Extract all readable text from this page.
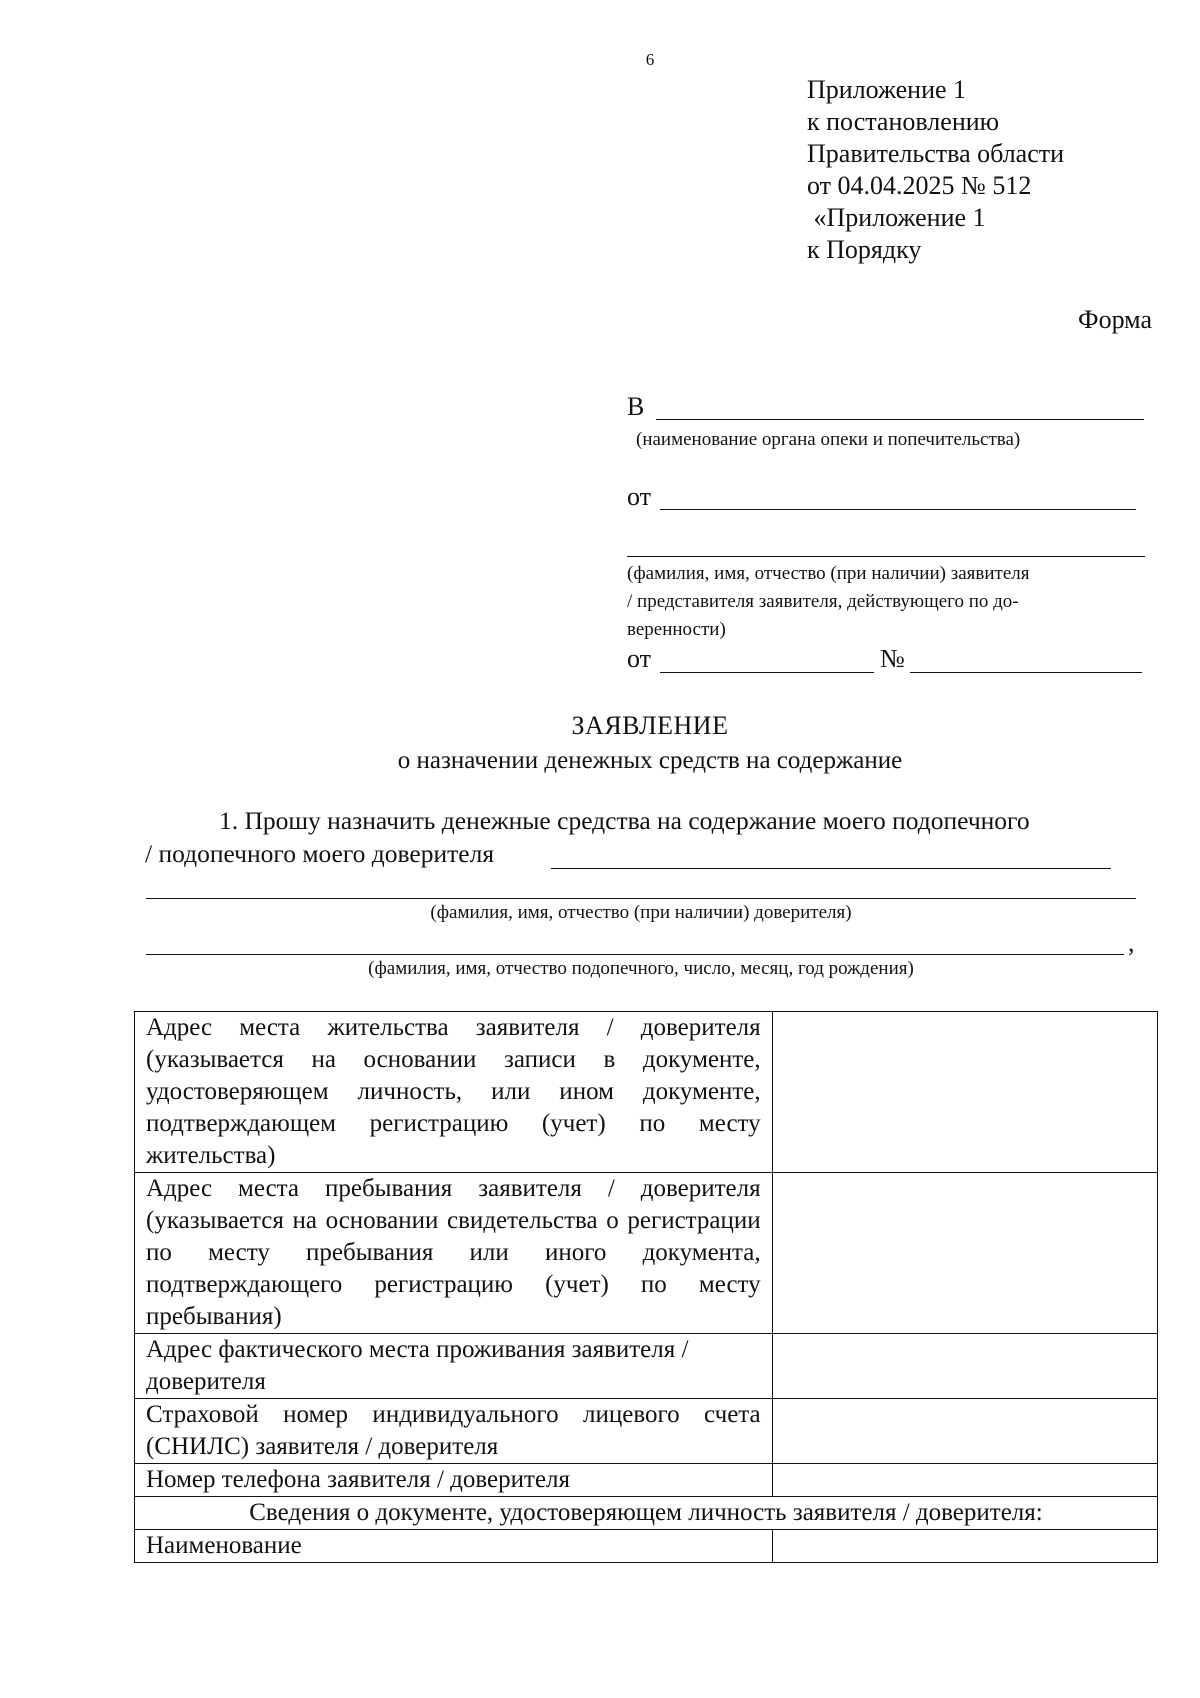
6
Приложение 1
к постановлению
Правительства области
от 04.04.2025 № 512
«Приложение 1
к Порядку
Форма
В
(наименование органа опеки и попечительства)
от
(фамилия, имя, отчество (при наличии) заявителя
/ представителя заявителя, действующего по до-
веренности)
от	№
ЗАЯВЛЕНИЕ
о назначении денежных средств на содержание
1. Прошу назначить денежные средства на содержание моего подопечного
/ подопечного моего доверителя
(фамилия, имя, отчество (при наличии) доверителя)
,
(фамилия, имя, отчество подопечного, число, месяц, год рождения)
Адрес места жительства заявителя / доверителя (указывается на основании записи в документе, удостоверяющем личность, или ином документе, подтверждающем регистрацию (учет) по месту жительства)	
Адрес места пребывания заявителя / доверителя (указывается на основании свидетельства о регистрации по месту пребывания или иного документа, подтверждающего регистрацию (учет) по месту пребывания)	
Адрес фактического места проживания заявителя / доверителя	
Страховой номер индивидуального лицевого счета (СНИЛС) заявителя / доверителя	
Номер телефона заявителя / доверителя	
Сведения о документе, удостоверяющем личность заявителя / доверителя:	
Наименование	
